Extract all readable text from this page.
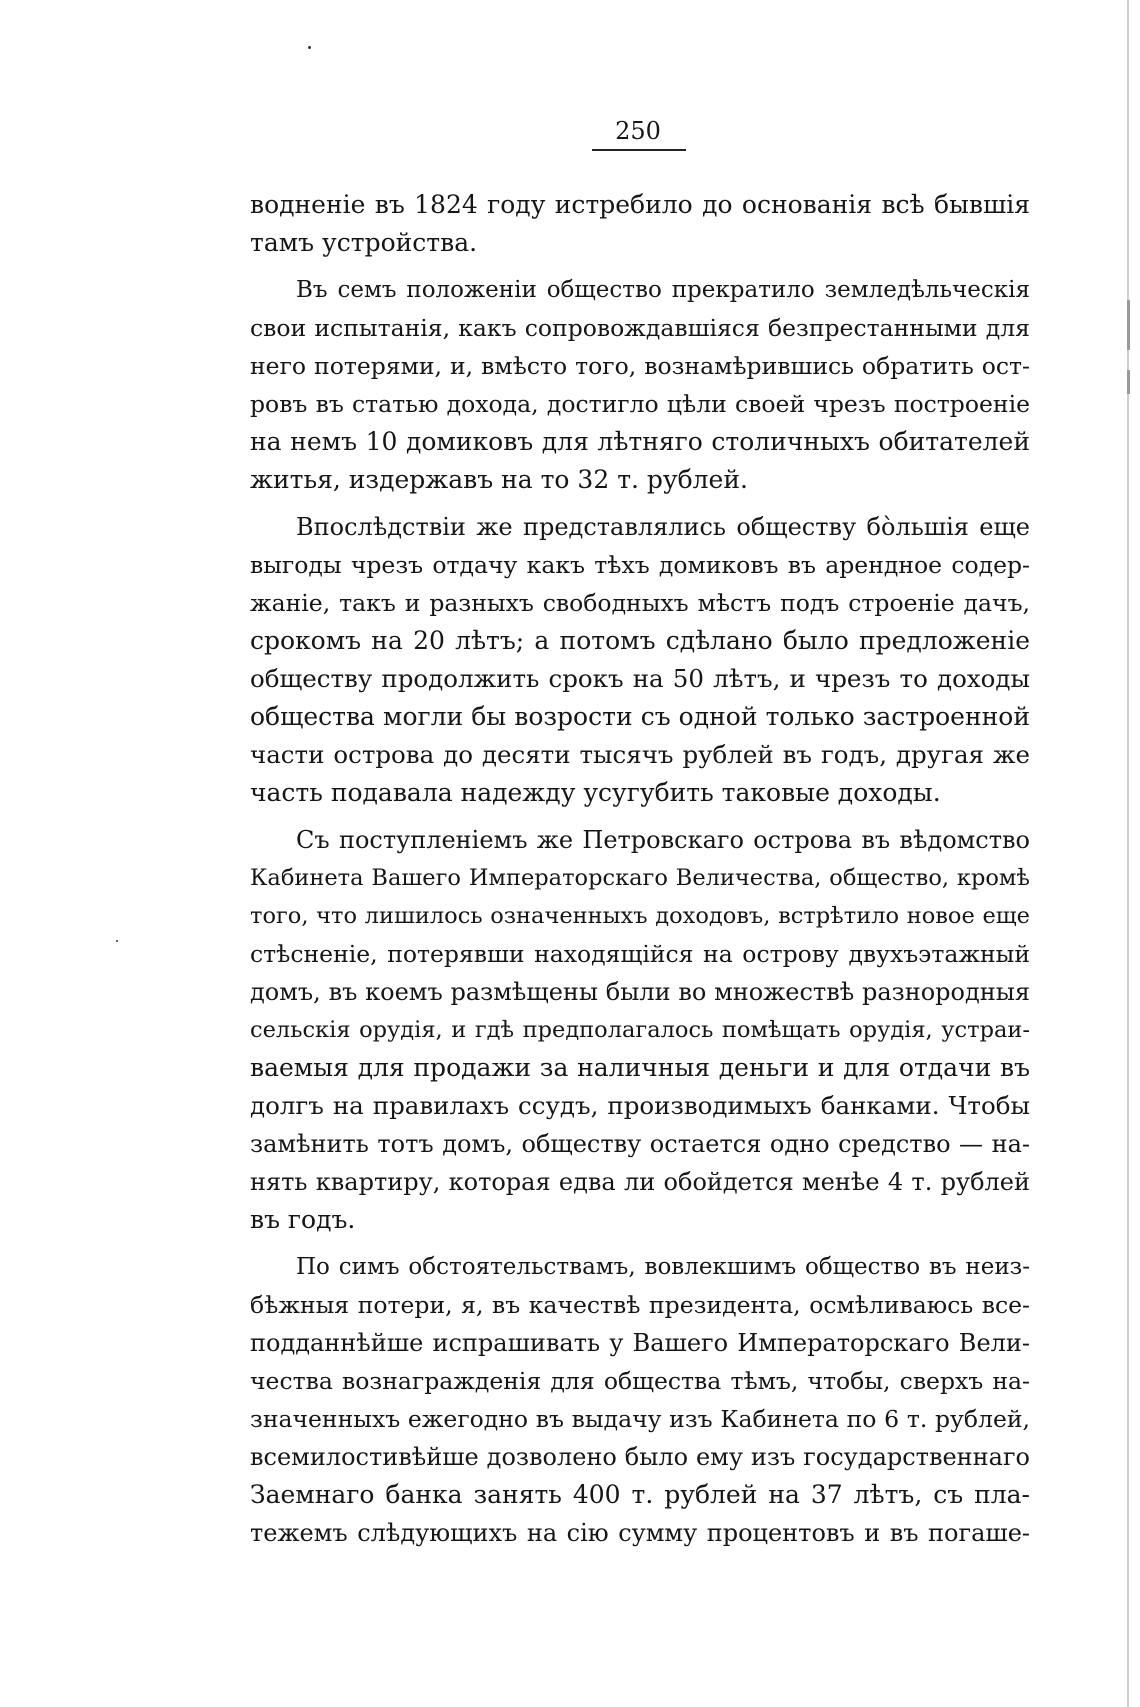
250
водненіе въ 1824 году истребило до основанія всѣ бывшія
тамъ устройства.
Въ семъ положеніи общество прекратило земледѣльческія
свои испытанія, какъ сопровождавшіяся безпрестанными для
него потерями, и, вмѣсто того, вознамѣрившись обратить ост-
ровъ въ статью дохода, достигло цѣли своей чрезъ построеніе
на немъ 10 домиковъ для лѣтняго столичныхъ обитателей
житья, издержавъ на то 32 т. рублей.
Впослѣдствіи же представлялись обществу бо̀льшія еще
выгоды чрезъ отдачу какъ тѣхъ домиковъ въ арендное содер-
жаніе, такъ и разныхъ свободныхъ мѣстъ подъ строеніе дачъ,
срокомъ на 20 лѣтъ; а потомъ сдѣлано было предложеніе
обществу продолжить срокъ на 50 лѣтъ, и чрезъ то доходы
общества могли бы возрости съ одной только застроенной
части острова до десяти тысячъ рублей въ годъ, другая же
часть подавала надежду усугубить таковые доходы.
Съ поступленіемъ же Петровскаго острова въ вѣдомство
Кабинета Вашего Императорскаго Величества, общество, кромѣ
того, что лишилось означенныхъ доходовъ, встрѣтило новое еще
стѣсненіе, потерявши находящійся на острову двухъэтажный
домъ, въ коемъ размѣщены были во множествѣ разнородныя
сельскія орудія, и гдѣ предполагалось помѣщать орудія, устраи-
ваемыя для продажи за наличныя деньги и для отдачи въ
долгъ на правилахъ ссудъ, производимыхъ банками. Чтобы
замѣнить тотъ домъ, обществу остается одно средство — на-
нять квартиру, которая едва ли обойдется менѣе 4 т. рублей
въ годъ.
По симъ обстоятельствамъ, вовлекшимъ общество въ неиз-
бѣжныя потери, я, въ качествѣ президента, осмѣливаюсь все-
подданнѣйше испрашивать у Вашего Императорскаго Вели-
чества вознагражденія для общества тѣмъ, чтобы, сверхъ на-
значенныхъ ежегодно въ выдачу изъ Кабинета по 6 т. рублей,
всемилостивѣйше дозволено было ему изъ государственнаго
Заемнаго банка занять 400 т. рублей на 37 лѣтъ, съ пла-
тежемъ слѣдующихъ на сію сумму процентовъ и въ погаше-
